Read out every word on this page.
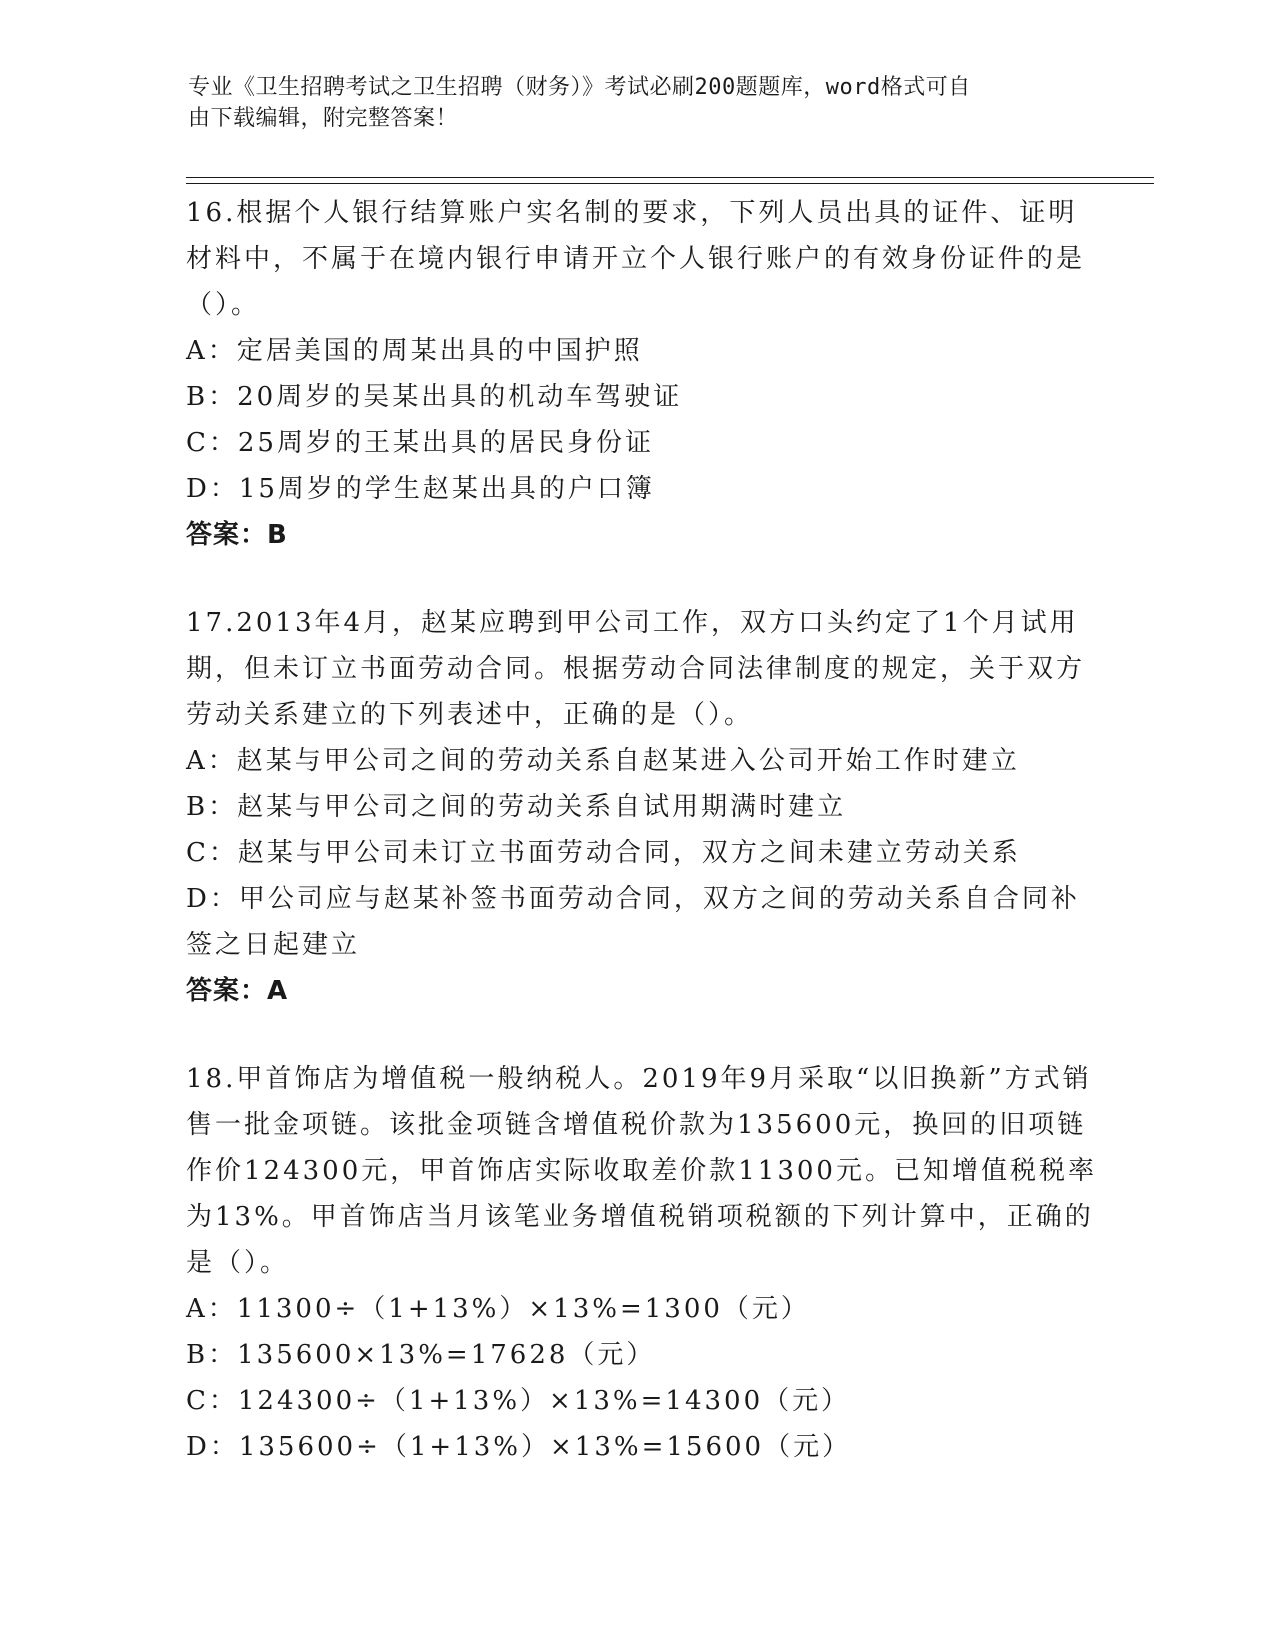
专业《卫生招聘考试之卫生招聘（财务）》考试必刷200题题库，word格式可自
由下载编辑，附完整答案！

16.根据个人银行结算账户实名制的要求，下列人员出具的证件、证明材料中，不属于在境内银行申请开立个人银行账户的有效身份证件的是（）。

A：定居美国的周某出具的中国护照

B：20周岁的吴某出具的机动车驾驶证

C：25周岁的王某出具的居民身份证

D：15周岁的学生赵某出具的户口簿

答案：B

17.2013年4月，赵某应聘到甲公司工作，双方口头约定了1个月试用期，但未订立书面劳动合同。根据劳动合同法律制度的规定，关于双方劳动关系建立的下列表述中，正确的是（）。

A：赵某与甲公司之间的劳动关系自赵某进入公司开始工作时建立

B：赵某与甲公司之间的劳动关系自试用期满时建立

C：赵某与甲公司未订立书面劳动合同，双方之间未建立劳动关系

D：甲公司应与赵某补签书面劳动合同，双方之间的劳动关系自合同补签之日起建立

答案：A

18.甲首饰店为增值税一般纳税人。2019年9月采取“以旧换新”方式销售一批金项链。该批金项链含增值税价款为135600元，换回的旧项链作价124300元，甲首饰店实际收取差价款11300元。已知增值税税率为13%。甲首饰店当月该笔业务增值税销项税额的下列计算中，正确的是（）。

A：11300÷（1+13%）×13%=1300（元）

B：135600×13%=17628（元）

C：124300÷（1+13%）×13%=14300（元）

D：135600÷（1+13%）×13%=15600（元）
